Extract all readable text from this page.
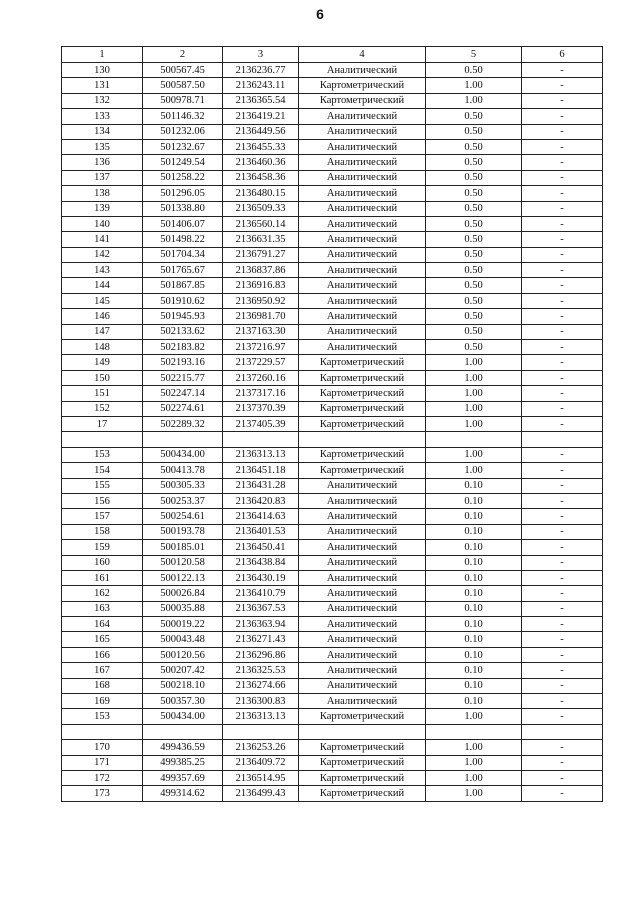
6
1	2	3	4	5	6
130	500567.45	2136236.77	Аналитический	0.50	-
131	500587.50	2136243.11	Картометрический	1.00	-
132	500978.71	2136365.54	Картометрический	1.00	-
133	501146.32	2136419.21	Аналитический	0.50	-
134	501232.06	2136449.56	Аналитический	0.50	-
135	501232.67	2136455.33	Аналитический	0.50	-
136	501249.54	2136460.36	Аналитический	0.50	-
137	501258.22	2136458.36	Аналитический	0.50	-
138	501296.05	2136480.15	Аналитический	0.50	-
139	501338.80	2136509.33	Аналитический	0.50	-
140	501406.07	2136560.14	Аналитический	0.50	-
141	501498.22	2136631.35	Аналитический	0.50	-
142	501704.34	2136791.27	Аналитический	0.50	-
143	501765.67	2136837.86	Аналитический	0.50	-
144	501867.85	2136916.83	Аналитический	0.50	-
145	501910.62	2136950.92	Аналитический	0.50	-
146	501945.93	2136981.70	Аналитический	0.50	-
147	502133.62	2137163.30	Аналитический	0.50	-
148	502183.82	2137216.97	Аналитический	0.50	-
149	502193.16	2137229.57	Картометрический	1.00	-
150	502215.77	2137260.16	Картометрический	1.00	-
151	502247.14	2137317.16	Картометрический	1.00	-
152	502274.61	2137370.39	Картометрический	1.00	-
17	502289.32	2137405.39	Картометрический	1.00	-

153	500434.00	2136313.13	Картометрический	1.00	-
154	500413.78	2136451.18	Картометрический	1.00	-
155	500305.33	2136431.28	Аналитический	0.10	-
156	500253.37	2136420.83	Аналитический	0.10	-
157	500254.61	2136414.63	Аналитический	0.10	-
158	500193.78	2136401.53	Аналитический	0.10	-
159	500185.01	2136450.41	Аналитический	0.10	-
160	500120.58	2136438.84	Аналитический	0.10	-
161	500122.13	2136430.19	Аналитический	0.10	-
162	500026.84	2136410.79	Аналитический	0.10	-
163	500035.88	2136367.53	Аналитический	0.10	-
164	500019.22	2136363.94	Аналитический	0.10	-
165	500043.48	2136271.43	Аналитический	0.10	-
166	500120.56	2136296.86	Аналитический	0.10	-
167	500207.42	2136325.53	Аналитический	0.10	-
168	500218.10	2136274.66	Аналитический	0.10	-
169	500357.30	2136300.83	Аналитический	0.10	-
153	500434.00	2136313.13	Картометрический	1.00	-

170	499436.59	2136253.26	Картометрический	1.00	-
171	499385.25	2136409.72	Картометрический	1.00	-
172	499357.69	2136514.95	Картометрический	1.00	-
173	499314.62	2136499.43	Картометрический	1.00	-
